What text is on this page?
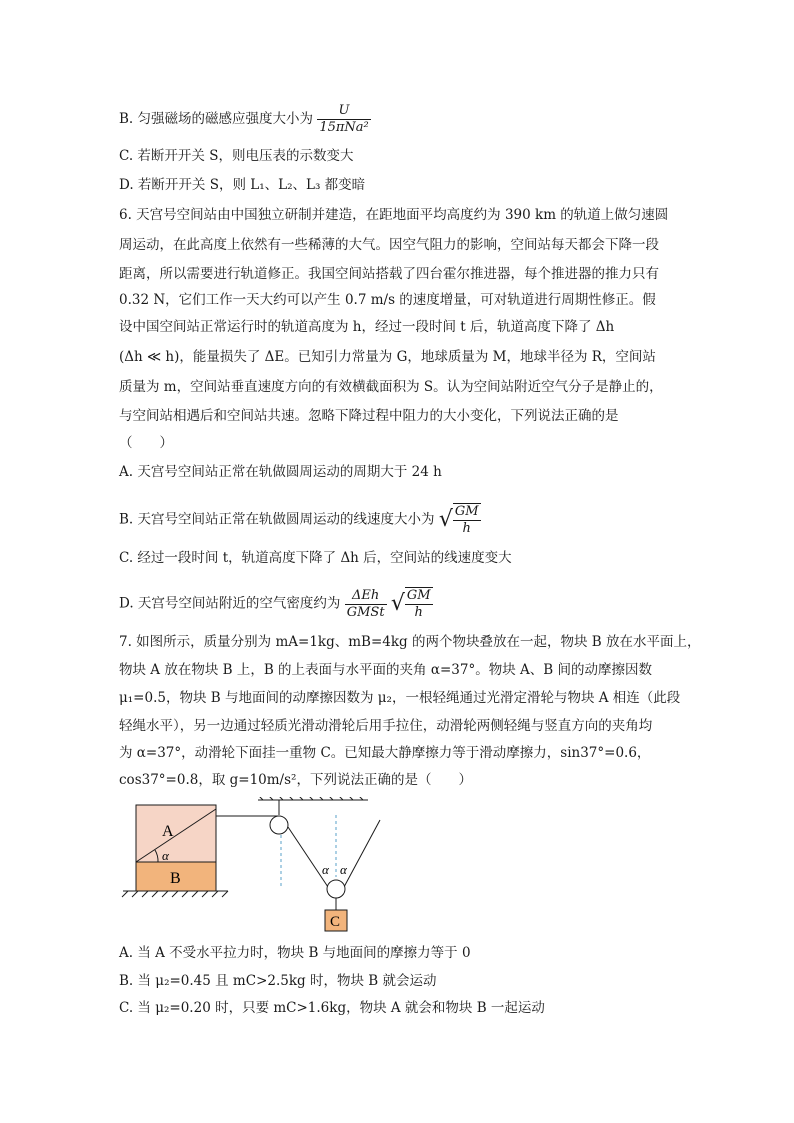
B. 匀强磁场的磁感应强度大小为 $\frac{U}{\text{15πNa²}}$
C. 若断开开关 S，则电压表的示数变大
D. 若断开开关 S，则 L₁、L₂、L₃ 都变暗
6. 天宫号空间站由中国独立研制并建造，在距地面平均高度约为 390 km 的轨道上做匀速圆
周运动，在此高度上依然有一些稀薄的大气。因空气阻力的影响，空间站每天都会下降一段
距离，所以需要进行轨道修正。我国空间站搭载了四台霍尔推进器，每个推进器的推力只有
0.32 N，它们工作一天大约可以产生 0.7 m/s 的速度增量，可对轨道进行周期性修正。假
设中国空间站正常运行时的轨道高度为 h，经过一段时间 t 后，轨道高度下降了 Δh
(Δh ≪ h)，能量损失了 ΔE。已知引力常量为 G，地球质量为 M，地球半径为 R，空间站
质量为 m，空间站垂直速度方向的有效横截面积为 S。认为空间站附近空气分子是静止的，
与空间站相遇后和空间站共速。忽略下降过程中阻力的大小变化，下列说法正确的是
（　　）
A. 天宫号空间站正常在轨做圆周运动的周期大于 24 h
B. 天宫号空间站正常在轨做圆周运动的线速度大小为 √ $\frac{GM}{h}$
C. 经过一段时间 t，轨道高度下降了 Δh 后，空间站的线速度变大
D. 天宫号空间站附近的空气密度约为 $\frac{\text{ΔEh}}{\text{GMSt}}$ √ $\frac{GM}{h}$
7. 如图所示，质量分别为 mA=1kg、mB=4kg 的两个物块叠放在一起，物块 B 放在水平面上，
物块 A 放在物块 B 上，B 的上表面与水平面的夹角 α=37°。物块 A、B 间的动摩擦因数
μ₁=0.5，物块 B 与地面间的动摩擦因数为 μ₂，一根轻绳通过光滑定滑轮与物块 A 相连（此段
轻绳水平），另一边通过轻质光滑动滑轮后用手拉住，动滑轮两侧轻绳与竖直方向的夹角均
为 α=37°，动滑轮下面挂一重物 C。已知最大静摩擦力等于滑动摩擦力，sin37°=0.6，
cos37°=0.8，取 g=10m/s²，下列说法正确的是（　　）
A
B
C
α
α α
A. 当 A 不受水平拉力时，物块 B 与地面间的摩擦力等于 0
B. 当 μ₂=0.45 且 mC>2.5kg 时，物块 B 就会运动
C. 当 μ₂=0.20 时，只要 mC>1.6kg，物块 A 就会和物块 B 一起运动
